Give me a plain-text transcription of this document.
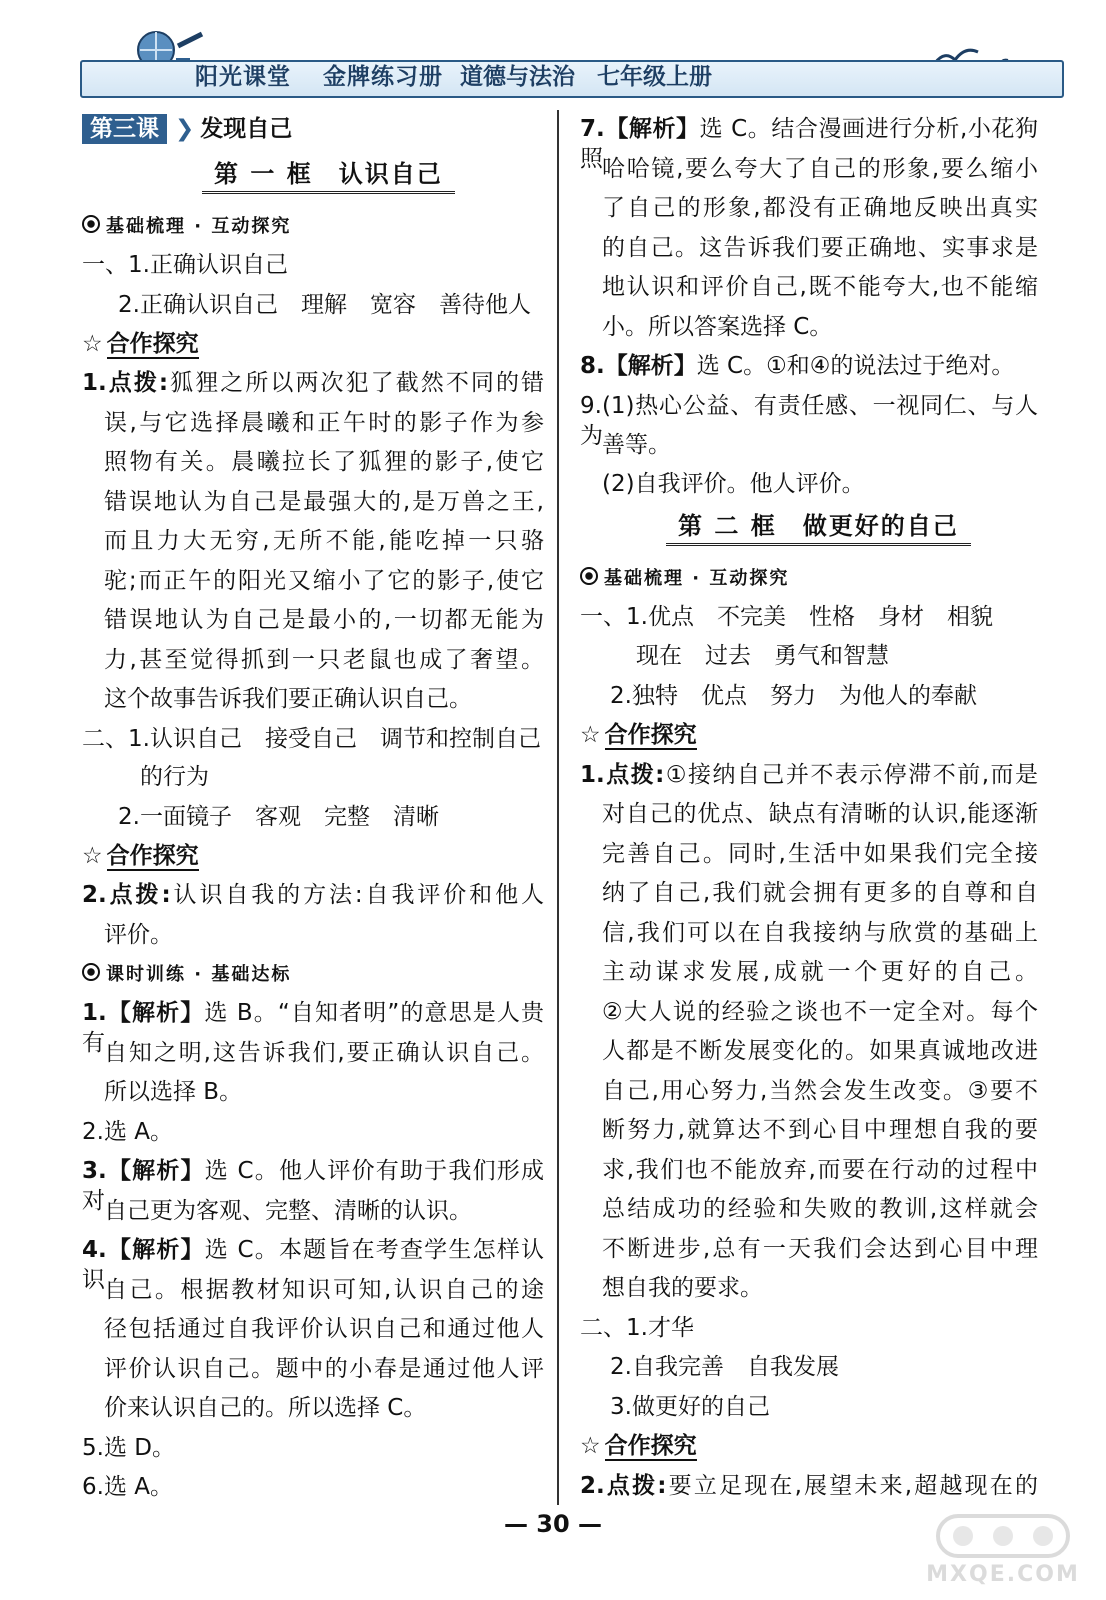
阳光课堂 金牌练习册 道德与法治 七年级上册
第三课 ❯ 发现自己
第 一 框　认识自己
基础梳理 · 互动探究
一、1.正确认识自己
2.正确认识自己　理解　宽容　善待他人
☆ 合作探究
1.点拨:狐狸之所以两次犯了截然不同的错
误,与它选择晨曦和正午时的影子作为参
照物有关。晨曦拉长了狐狸的影子,使它
错误地认为自己是最强大的,是万兽之王,
而且力大无穷,无所不能,能吃掉一只骆
驼;而正午的阳光又缩小了它的影子,使它
错误地认为自己是最小的,一切都无能为
力,甚至觉得抓到一只老鼠也成了奢望。
这个故事告诉我们要正确认识自己。
二、1.认识自己　接受自己　调节和控制自己
的行为
2.一面镜子　客观　完整　清晰
☆ 合作探究
2.点拨:认识自我的方法:自我评价和他人
评价。
课时训练 · 基础达标
1.【解析】选 B。“自知者明”的意思是人贵有 自知之明,这告诉我们,要正确认识自己。
所以选择 B。
2.选 A。
3.【解析】选 C。他人评价有助于我们形成对 自己更为客观、完整、清晰的认识。
4.【解析】选 C。本题旨在考查学生怎样认识 自己。根据教材知识可知,认识自己的途
径包括通过自我评价认识自己和通过他人
评价认识自己。题中的小春是通过他人评
价来认识自己的。所以选择 C。
5.选 D。
6.选 A。
7.【解析】选 C。结合漫画进行分析,小花狗照 哈哈镜,要么夸大了自己的形象,要么缩小
了自己的形象,都没有正确地反映出真实
的自己。这告诉我们要正确地、实事求是
地认识和评价自己,既不能夸大,也不能缩
小。所以答案选择 C。
8.【解析】选 C。①和④的说法过于绝对。
9.(1)热心公益、有责任感、一视同仁、与人为 善等。
(2)自我评价。他人评价。
第 二 框　做更好的自己
基础梳理 · 互动探究
一、1.优点　不完美　性格　身材　相貌
现在　过去　勇气和智慧
2.独特　优点　努力　为他人的奉献
☆ 合作探究
1.点拨:①接纳自己并不表示停滞不前,而是
对自己的优点、缺点有清晰的认识,能逐渐
完善自己。同时,生活中如果我们完全接
纳了自己,我们就会拥有更多的自尊和自
信,我们可以在自我接纳与欣赏的基础上
主动谋求发展,成就一个更好的自己。
②大人说的经验之谈也不一定全对。每个
人都是不断发展变化的。如果真诚地改进
自己,用心努力,当然会发生改变。③要不
断努力,就算达不到心目中理想自我的要
求,我们也不能放弃,而要在行动的过程中
总结成功的经验和失败的教训,这样就会
不断进步,总有一天我们会达到心目中理
想自我的要求。
二、1.才华
2.自我完善　自我发展
3.做更好的自己
☆ 合作探究
2.点拨:要立足现在,展望未来,超越现在的
— 30 —
MXQE.COM
